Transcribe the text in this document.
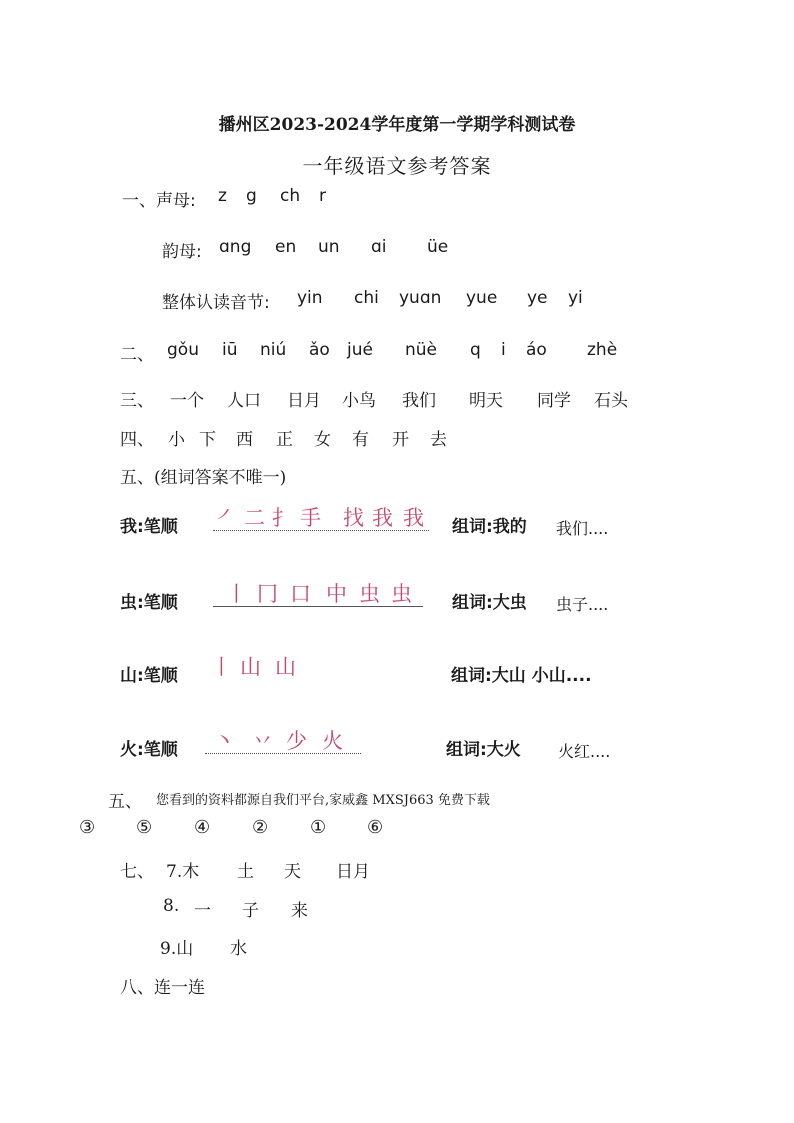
播州区2023-2024学年度第一学期学科测试卷
一年级语文参考答案
一、声母: z g ch r
韵母: ɑng en un ɑi üe
整体认读音节: yin chi yuɑn yue ye yi
二、 gǒu iū niú ǎo jué nüè q i áo zhè
三、 一个 人口 日月 小鸟 我们 明天 同学 石头
四、 小 下 西 正 女 有 开 去
五、(组词答案不唯一)
我:笔顺 ㇒ 二 扌 手 找 我 我 组词:我的 我们....
虫:笔顺 丨 冂 口 中 虫 虫 组词:大虫 虫子....
山:笔顺 丨 山 山	组词:大山 小山....
火:笔顺 丶 丷 少 火	组词:大火 火红....
五、 您看到的资料都源自我们平台,家威鑫 MXSJ663 免费下载
③ ⑤ ④ ② ① ⑥
七、 7.木 土 天 日月
8. 一 子 来
9.山 水
八、连一连
